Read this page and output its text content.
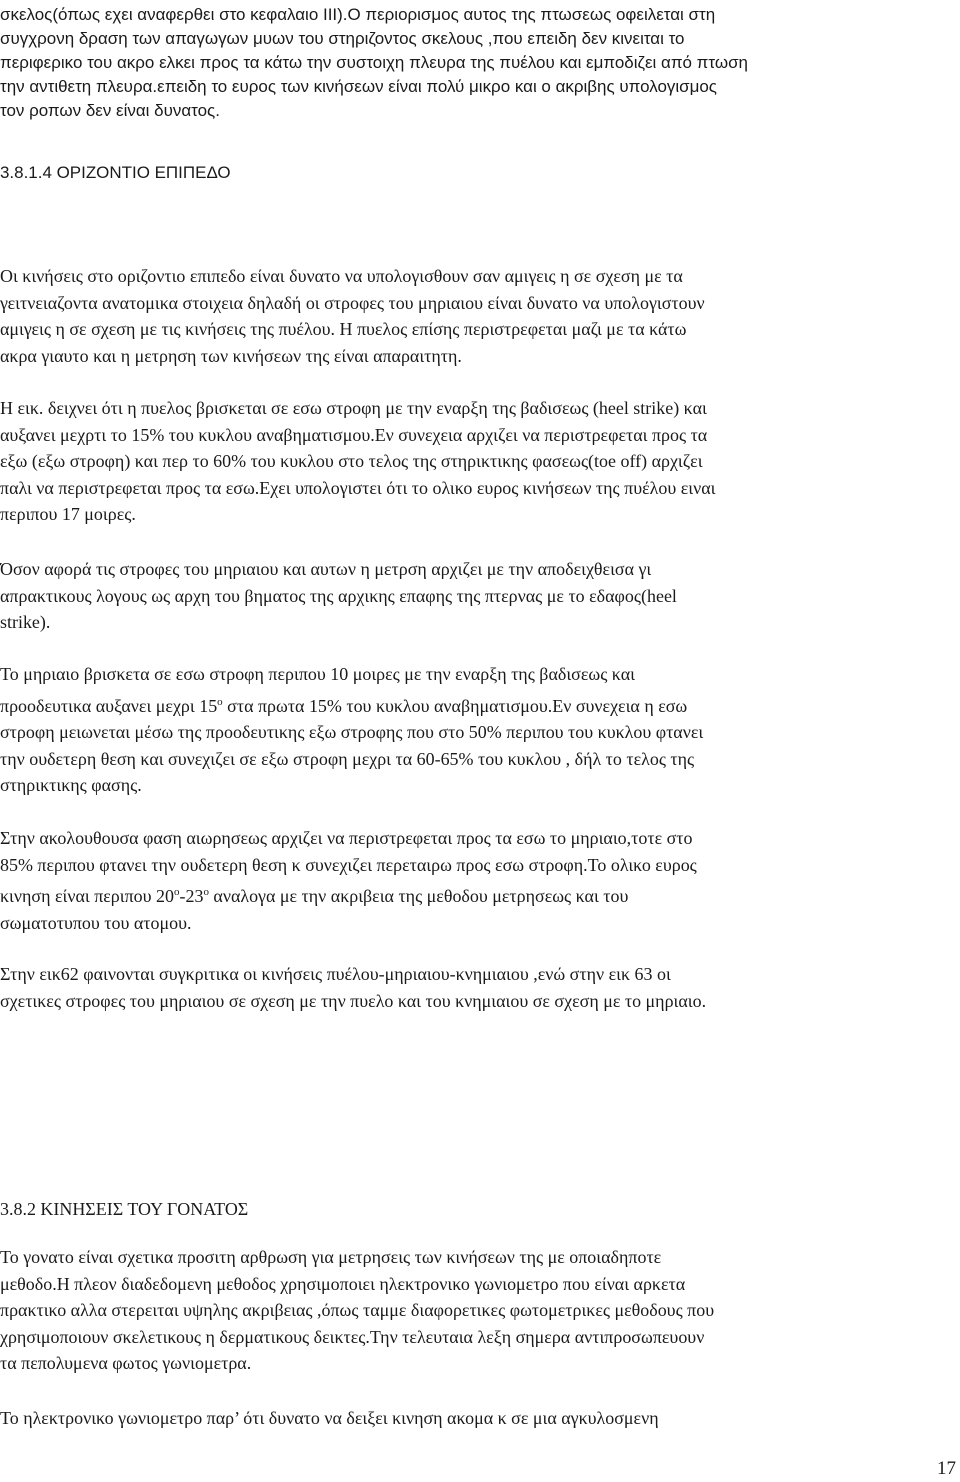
σκελος(όπως εχει αναφερθει στο κεφαλαιο ΙΙΙ).Ο περιορισμος αυτος της πτωσεως οφειλεται στη
συγχρονη δραση των απαγωγων μυων του στηριζοντος σκελους ,που επειδη δεν κινειται το
περιφερικο του ακρο ελκει προς τα κάτω την συστοιχη πλευρα της πυέλου και εμποδιζει από πτωση
την αντιθετη πλευρα.επειδη το ευρος των κινήσεων είναι πολύ μικρο και ο ακριβης υπολογισμος
τον ροπων δεν είναι δυνατος.
3.8.1.4 ΟΡΙΖΟΝΤΙΟ ΕΠΙΠΕΔΟ
Οι κινήσεις στο οριζοντιο επιπεδο είναι δυνατο να υπολογισθουν σαν αμιγεις η σε σχεση με τα
γειτνειαζοντα ανατομικα στοιχεια δηλαδή οι στροφες του μηριαιου είναι δυνατο να υπολογιστουν
αμιγεις η σε σχεση με τις κινήσεις της πυέλου. Η πυελος επίσης περιστρεφεται μαζι με τα κάτω
ακρα γιαυτο και η μετρηση των κινήσεων της είναι απαραιτητη.
Η εικ. δειχνει ότι η πυελος βρισκεται σε εσω στροφη με την εναρξη της βαδισεως (heel strike) και
αυξανει μεχρτι το 15% του κυκλου αναβηματισμου.Εν συνεχεια αρχιζει να περιστρεφεται προς τα
εξω (εξω στροφη) και περ το 60% του κυκλου στο τελος της στηρικτικης φασεως(toe off) αρχιζει
παλι να περιστρεφεται προς τα εσω.Εχει υπολογιστει ότι το ολικο ευρος κινήσεων της πυέλου ειναι
περιπου 17 μοιρες.
Όσον αφορά τις στροφες του μηριαιου και αυτων η μετρση αρχιζει με την αποδειχθεισα γι
απρακτικους λογους ως αρχη του βηματος της αρχικης επαφης της πτερνας με το εδαφος(heel
strike).
Το μηριαιο βρισκετα σε εσω στροφη περιπου 10 μοιρες με την εναρξη της βαδισεως και
προοδευτικα αυξανει μεχρι $15^o$ στα πρωτα 15% του κυκλου αναβηματισμου.Εν συνεχεια η εσω
στροφη μειωνεται μέσω της προοδευτικης εξω στροφης που στο 50% περιπου του κυκλου φτανει
την ουδετερη θεση και συνεχιζει σε εξω στροφη μεχρι τα 60-65% του κυκλου , δήλ το τελος της
στηρικτικης φασης.
Στην ακολουθουσα φαση αιωρησεως αρχιζει να περιστρεφεται προς τα εσω το μηριαιο,τοτε στο
85% περιπου φτανει την ουδετερη θεση κ συνεχιζει περεταιρω προς εσω στροφη.Το ολικο ευρος
κινηση είναι περιπου $20^o-23^o$ αναλογα με την ακριβεια της μεθοδου μετρησεως και του
σωματοτυπου του ατομου.
Στην εικ62 φαινονται συγκριτικα οι κινήσεις πυέλου-μηριαιου-κνημιαιου ,ενώ στην εικ 63 οι
σχετικες στροφες του μηριαιου σε σχεση με την πυελο και του κνημιαιου σε σχεση με το μηριαιο.
3.8.2 ΚΙΝΗΣΕΙΣ ΤΟΥ ΓΟΝΑΤΟΣ
Το γονατο είναι σχετικα προσιτη αρθρωση για μετρησεις των κινήσεων της με οποιαδηποτε
μεθοδο.Η πλεον διαδεδομενη μεθοδος χρησιμοποιει ηλεκτρονικο γωνιομετρο που είναι αρκετα
πρακτικο αλλα στερειται υψηλης ακριβειας ,όπως ταμμε διαφορετικες φωτομετρικες μεθοδους που
χρησιμοποιουν σκελετικους η δερματικους δεικτες.Την τελευταια λεξη σημερα αντιπροσωπευουν
τα πεπολυμενα φωτος γωνιομετρα.
Το ηλεκτρονικο γωνιομετρο παρ’ ότι δυνατο να δειξει κινηση ακομα κ σε μια αγκυλοσμενη
17
